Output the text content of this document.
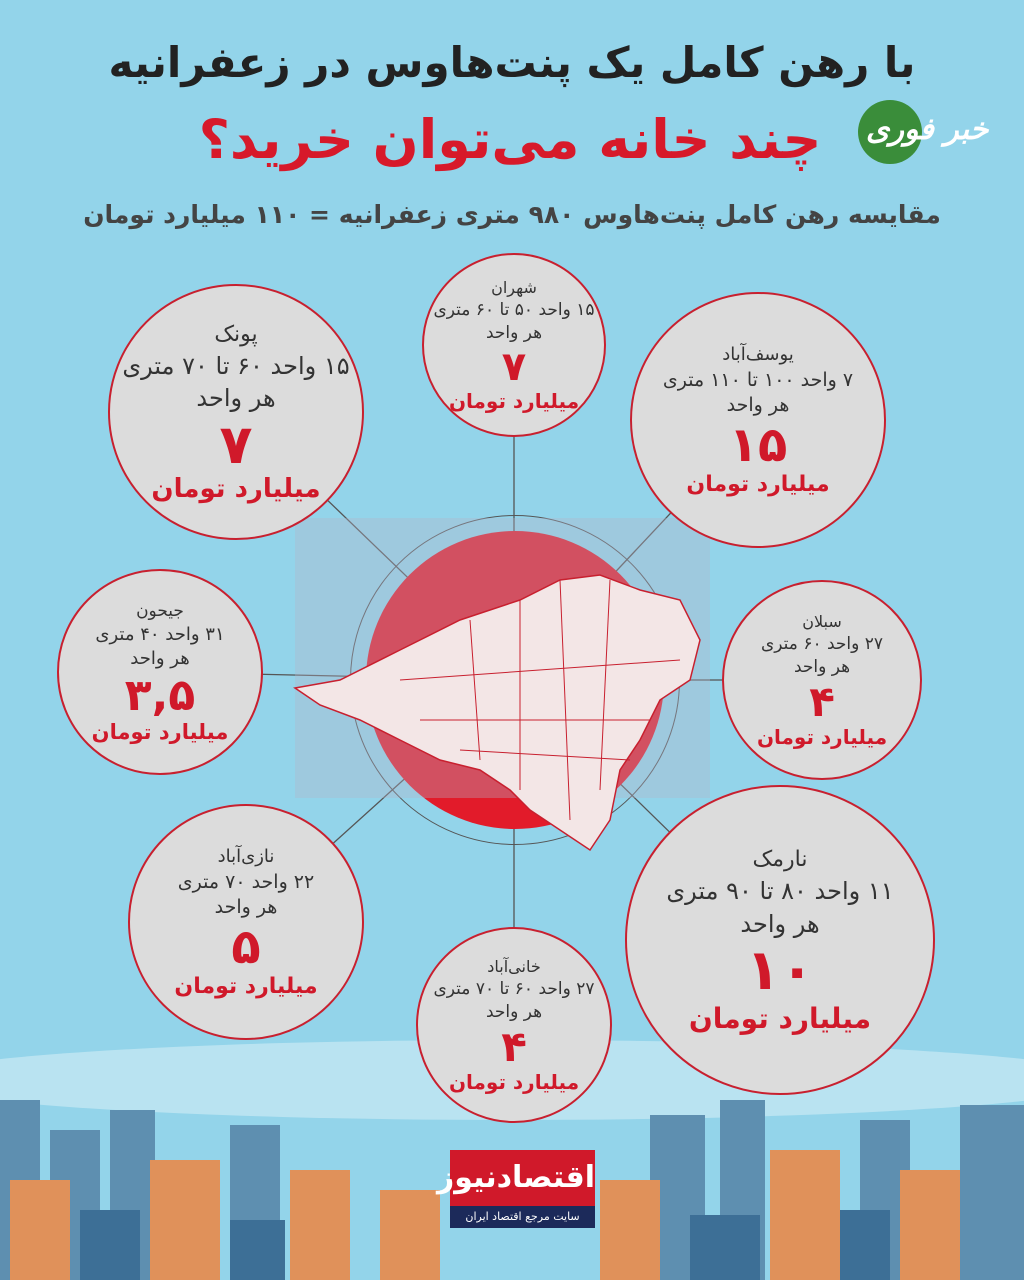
با رهن کامل یک پنت‌هاوس در زعفرانیه
خبر فوری
چند خانه می‌توان خرید؟
مقایسه رهن کامل پنت‌هاوس ۹۸۰ متری زعفرانیه = ۱۱۰ میلیارد تومان
پونک
۱۵ واحد ۶۰ تا ۷۰ متری
هر واحد
۷
میلیارد تومان
شهران
۱۵ واحد ۵۰ تا ۶۰ متری
هر واحد
۷
میلیارد تومان
یوسف‌آباد
۷ واحد ۱۰۰ تا ۱۱۰ متری
هر واحد
۱۵
میلیارد تومان
جیحون
۳۱ واحد ۴۰ متری
هر واحد
۳,۵
میلیارد تومان
سبلان
۲۷ واحد ۶۰ متری
هر واحد
۴
میلیارد تومان
نازی‌آباد
۲۲ واحد ۷۰ متری
هر واحد
۵
میلیارد تومان
نارمک
۱۱ واحد ۸۰ تا ۹۰ متری
هر واحد
۱۰
میلیارد تومان
خانی‌آباد
۲۷ واحد ۶۰ تا ۷۰ متری
هر واحد
۴
میلیارد تومان
اقتصادنیوز
سایت مرجع اقتصاد ایران
